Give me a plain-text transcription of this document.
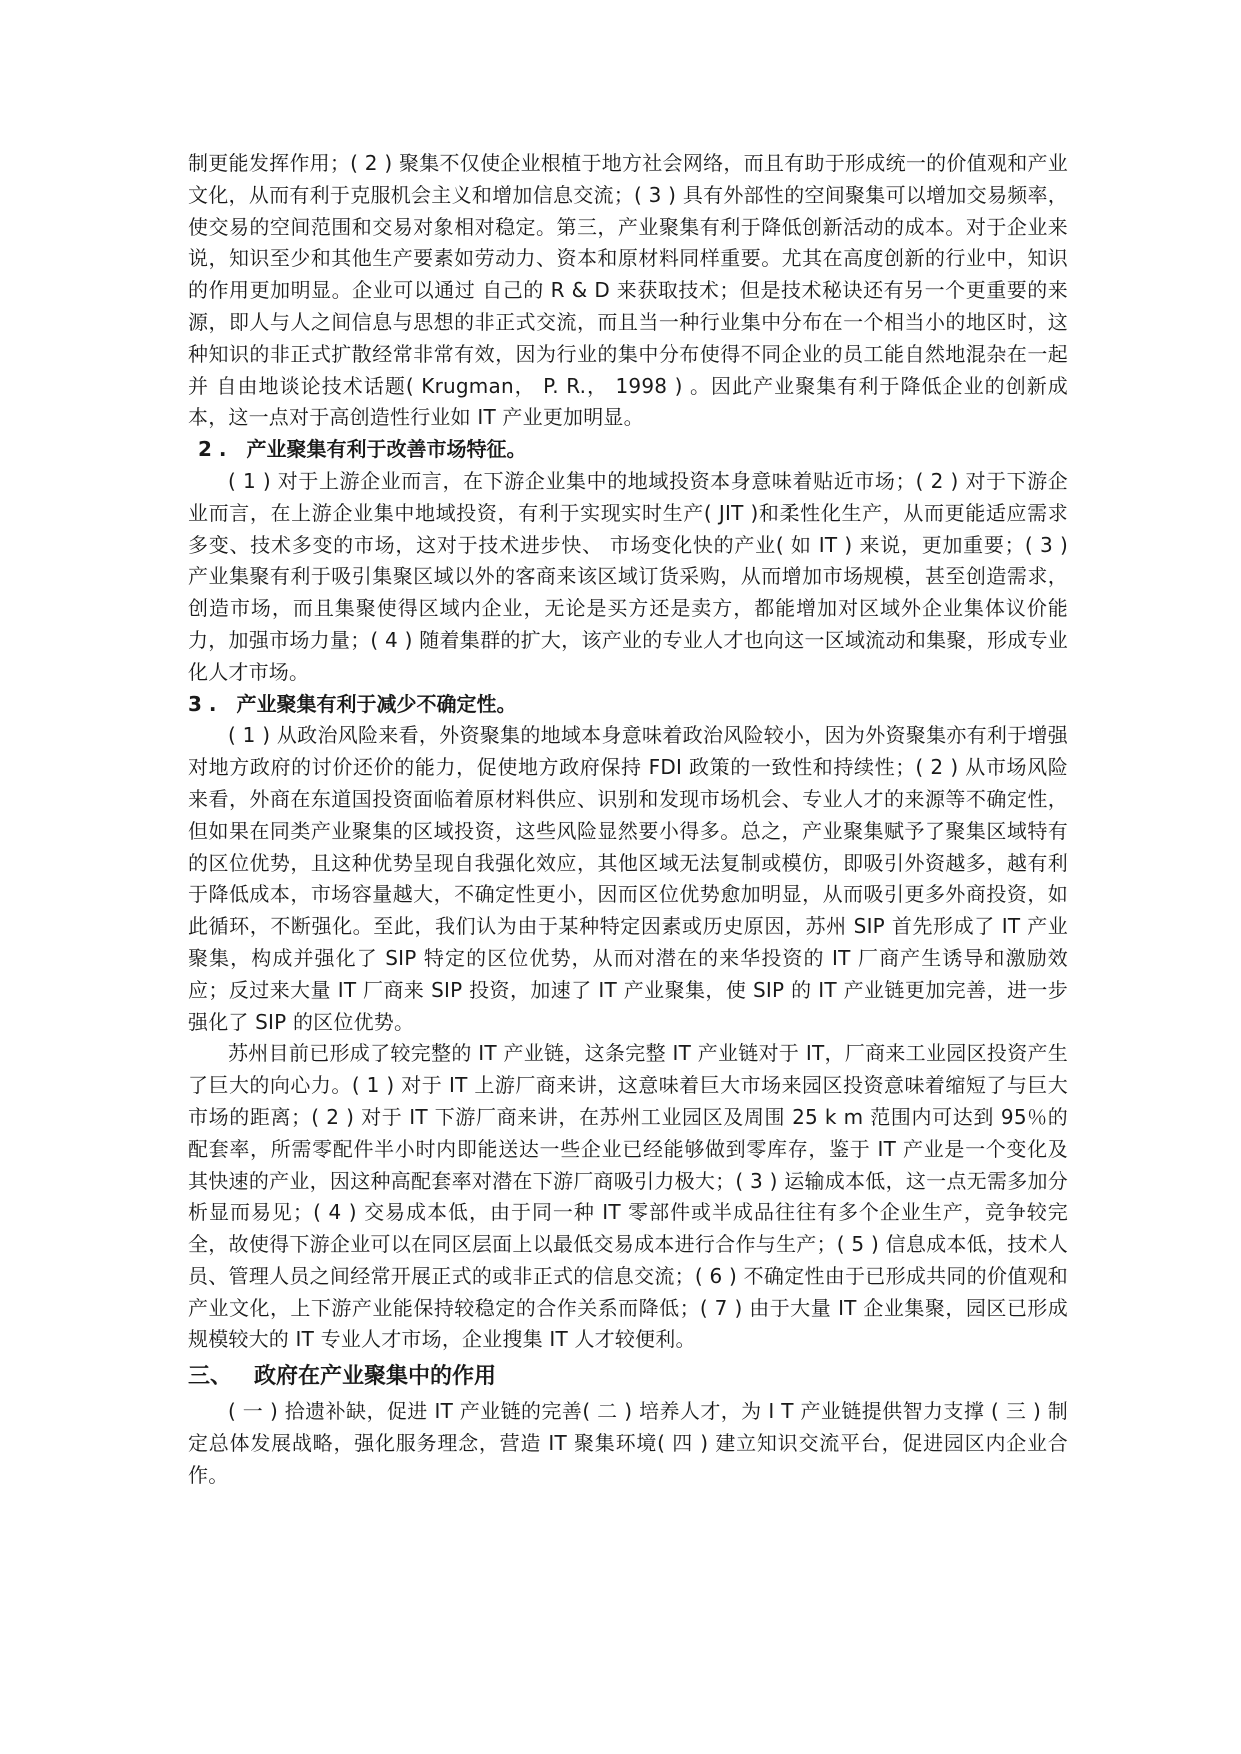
制更能发挥作用；( 2 ) 聚集不仅使企业根植于地方社会网络，而且有助于形成统一的价值观和产业文化，从而有利于克服机会主义和增加信息交流；( 3 ) 具有外部性的空间聚集可以增加交易频率，使交易的空间范围和交易对象相对稳定。第三，产业聚集有利于降低创新活动的成本。对于企业来说，知识至少和其他生产要素如劳动力、资本和原材料同样重要。尤其在高度创新的行业中，知识的作用更加明显。企业可以通过 自己的 R & D 来获取技术；但是技术秘诀还有另一个更重要的来源，即人与人之间信息与思想的非正式交流，而且当一种行业集中分布在一个相当小的地区时，这种知识的非正式扩散经常非常有效，因为行业的集中分布使得不同企业的员工能自然地混杂在一起并 自由地谈论技术话题( Krugman， P. R.， 1998 ) 。因此产业聚集有利于降低企业的创新成本，这一点对于高创造性行业如 IT 产业更加明显。

2 .　产业聚集有利于改善市场特征。

( 1 ) 对于上游企业而言，在下游企业集中的地域投资本身意味着贴近市场；( 2 ) 对于下游企业而言，在上游企业集中地域投资，有利于实现实时生产( JIT )和柔性化生产，从而更能适应需求多变、技术多变的市场，这对于技术进步快、 市场变化快的产业( 如 IT ) 来说，更加重要；( 3 ) 产业集聚有利于吸引集聚区域以外的客商来该区域订货采购，从而增加市场规模，甚至创造需求，创造市场，而且集聚使得区域内企业，无论是买方还是卖方，都能增加对区域外企业集体议价能力，加强市场力量；( 4 ) 随着集群的扩大，该产业的专业人才也向这一区域流动和集聚，形成专业化人才市场。

3 .　产业聚集有利于减少不确定性。

( 1 ) 从政治风险来看，外资聚集的地域本身意味着政治风险较小，因为外资聚集亦有利于增强对地方政府的讨价还价的能力，促使地方政府保持 FDI 政策的一致性和持续性；( 2 ) 从市场风险来看，外商在东道国投资面临着原材料供应、识别和发现市场机会、专业人才的来源等不确定性，但如果在同类产业聚集的区域投资，这些风险显然要小得多。总之，产业聚集赋予了聚集区域特有的区位优势，且这种优势呈现自我强化效应，其他区域无法复制或模仿，即吸引外资越多，越有利于降低成本，市场容量越大，不确定性更小，因而区位优势愈加明显，从而吸引更多外商投资，如此循环，不断强化。至此，我们认为由于某种特定因素或历史原因，苏州 SIP 首先形成了 IT 产业聚集，构成并强化了 SIP 特定的区位优势，从而对潜在的来华投资的 IT 厂商产生诱导和激励效应；反过来大量 IT 厂商来 SIP 投资，加速了 IT 产业聚集，使 SIP 的 IT 产业链更加完善，进一步强化了 SIP 的区位优势。

苏州目前已形成了较完整的 IT 产业链，这条完整 IT 产业链对于 IT，厂商来工业园区投资产生了巨大的向心力。( 1 ) 对于 IT 上游厂商来讲，这意味着巨大市场来园区投资意味着缩短了与巨大市场的距离；( 2 ) 对于 IT 下游厂商来讲，在苏州工业园区及周围 25 k m 范围内可达到 95％的配套率，所需零配件半小时内即能送达一些企业已经能够做到零库存，鉴于 IT 产业是一个变化及其快速的产业，因这种高配套率对潜在下游厂商吸引力极大；( 3 ) 运输成本低，这一点无需多加分析显而易见；( 4 ) 交易成本低，由于同一种 IT 零部件或半成品往往有多个企业生产，竞争较完全，故使得下游企业可以在同区层面上以最低交易成本进行合作与生产；( 5 ) 信息成本低，技术人员、管理人员之间经常开展正式的或非正式的信息交流；( 6 ) 不确定性由于已形成共同的价值观和产业文化，上下游产业能保持较稳定的合作关系而降低；( 7 ) 由于大量 IT 企业集聚，园区已形成规模较大的 IT 专业人才市场，企业搜集 IT 人才较便利。

三、 政府在产业聚集中的作用

( 一 ) 拾遗补缺，促进 IT 产业链的完善( 二 ) 培养人才，为 I T 产业链提供智力支撑 ( 三 ) 制定总体发展战略，强化服务理念，营造 IT 聚集环境( 四 ) 建立知识交流平台，促进园区内企业合作。
